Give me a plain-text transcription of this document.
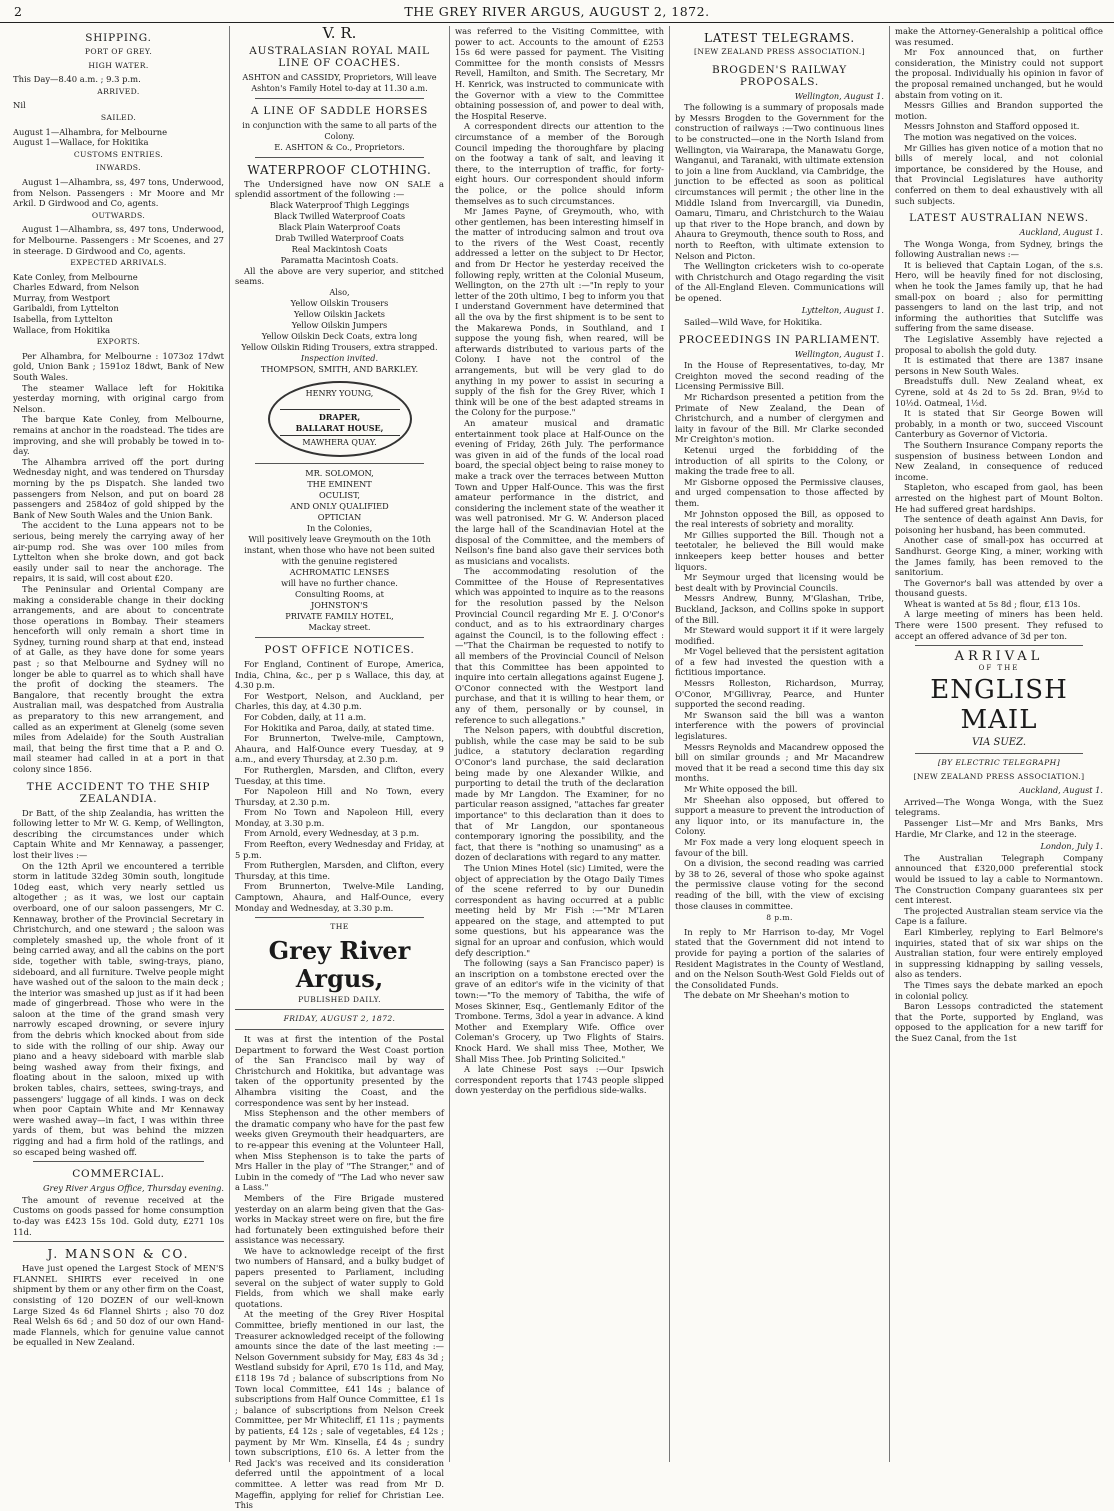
2	THE GREY RIVER ARGUS, AUGUST 2, 1872.
SHIPPING.
PORT OF GREY.
HIGH WATER.

This Day—8.40 a.m. ; 9.3 p.m.

ARRIVED.

Nil

SAILED.

August 1—Alhambra, for Melbourne
August 1—Wallace, for Hokitika

CUSTOMS ENTRIES.
INWARDS.

August 1—Alhambra, ss, 497 tons, Underwood, from Nelson. Passengers : Mr Moore and Mr Arkil. D Girdwood and Co, agents.

OUTWARDS.

August 1—Alhambra, ss, 497 tons, Underwood, for Melbourne. Passengers : Mr Scoenes, and 27 in steerage. D Girdwood and Co, agents.

EXPECTED ARRIVALS.

Kate Conley, from Melbourne
Charles Edward, from Nelson
Murray, from Westport
Garibaldi, from Lyttelton
Isabella, from Lyttelton
Wallace, from Hokitika

EXPORTS.

Per Alhambra, for Melbourne : 1073oz 17dwt gold, Union Bank ; 1591oz 18dwt, Bank of New South Wales.

The steamer Wallace left for Hokitika yesterday morning, with original cargo from Nelson.

The barque Kate Conley, from Melbourne, remains at anchor in the roadstead. The tides are improving, and she will probably be towed in to-day.

The Alhambra arrived off the port during Wednesday night, and was tendered on Thursday morning by the ps Dispatch. She landed two passengers from Nelson, and put on board 28 passengers and 2584oz of gold shipped by the Bank of New South Wales and the Union Bank.

The accident to the Luna appears not to be serious, being merely the carrying away of her air-pump rod. She was over 100 miles from Lyttelton when she broke down, and got back easily under sail to near the anchorage. The repairs, it is said, will cost about £20.

The Peninsular and Oriental Company are making a considerable change in their docking arrangements, and are about to concentrate those operations in Bombay. Their steamers henceforth will only remain a short time in Sydney, turning round sharp at that end, instead of at Galle, as they have done for some years past ; so that Melbourne and Sydney will no longer be able to quarrel as to which shall have the profit of docking the steamers. The Bangalore, that recently brought the extra Australian mail, was despatched from Australia as preparatory to this new arrangement, and called as an experiment at Glenelg (some seven miles from Adelaide) for the South Australian mail, that being the first time that a P. and O. mail steamer had called in at a port in that colony since 1856.

THE ACCIDENT TO THE SHIP ZEALANDIA.

Dr Batt, of the ship Zealandia, has written the following letter to Mr W. G. Kemp, of Wellington, describing the circumstances under which Captain White and Mr Kennaway, a passenger, lost their lives :—

On the 12th April we encountered a terrible storm in latitude 32deg 30min south, longitude 10deg east, which very nearly settled us altogether ; as it was, we lost our captain overboard, one of our saloon passengers, Mr C. Kennaway, brother of the Provincial Secretary in Christchurch, and one steward ; the saloon was completely smashed up, the whole front of it being carried away, and all the cabins on the port side, together with table, swing-trays, piano, sideboard, and all furniture. Twelve people might have washed out of the saloon to the main deck ; the interior was smashed up just as if it had been made of gingerbread. Those who were in the saloon at the time of the grand smash very narrowly escaped drowning, or severe injury from the debris which knocked about from side to side with the rolling of our ship. Away our piano and a heavy sideboard with marble slab being washed away from their fixings, and floating about in the saloon, mixed up with broken tables, chairs, settees, swing-trays, and passengers' luggage of all kinds. I was on deck when poor Captain White and Mr Kennaway were washed away—in fact, I was within three yards of them, but was behind the mizzen rigging and had a firm hold of the ratlings, and so escaped being washed off.

COMMERCIAL.
Grey River Argus Office, Thursday evening.

The amount of revenue received at the Customs on goods passed for home consumption to-day was £423 15s 10d. Gold duty, £271 10s 11d.

J. MANSON & CO.

Have just opened the Largest Stock of MEN'S FLANNEL SHIRTS ever received in one shipment by them or any other firm on the Coast, consisting of 120 DOZEN of our well-known Large Sized 4s 6d Flannel Shirts ; also 70 doz Real Welsh 6s 6d ; and 50 doz of our own Hand-made Flannels, which for genuine value cannot be equalled in New Zealand.

V. R.
AUSTRALASIAN ROYAL MAIL LINE OF COACHES.
ASHTON and CASSIDY, Proprietors, Will leave Ashton's Family Hotel to-day at 11.30 a.m.
A LINE OF SADDLE HORSES
in conjunction with the same to all parts of the Colony.
E. ASHTON & Co., Proprietors.
WATERPROOF CLOTHING.

The Undersigned have now ON SALE a splendid assortment of the following :—

Black Waterproof Thigh Leggings
Black Twilled Waterproof Coats
Black Plain Waterproof Coats
Drab Twilled Waterproof Coats
Real Mackintosh Coats
Paramatta Macintosh Coats.

All the above are very superior, and stitched seams.

Also,
Yellow Oilskin Trousers
Yellow Oilskin Jackets
Yellow Oilskin Jumpers
Yellow Oilskin Deck Coats, extra long
Yellow Oilskin Riding Trousers, extra strapped.
Inspection invited.
THOMPSON, SMITH, AND BARKLEY.
HENRY YOUNG,
DRAPER,
BALLARAT HOUSE,
MAWHERA QUAY.
MR. SOLOMON,
THE EMINENT
OCULIST,
AND ONLY QUALIFIED
OPTICIAN
In the Colonies,
Will positively leave Greymouth on the 10th instant, when those who have not been suited with the genuine registered
ACHROMATIC LENSES
will have no further chance.
Consulting Rooms, at
JOHNSTON'S
PRIVATE FAMILY HOTEL,
Mackay street.
POST OFFICE NOTICES.

For England, Continent of Europe, America, India, China, &c., per p s Wallace, this day, at 4.30 p.m.

For Westport, Nelson, and Auckland, per Charles, this day, at 4.30 p.m.

For Cobden, daily, at 11 a.m.

For Hokitika and Paroa, daily, at stated time.

For Brunnerton, Twelve-mile, Camptown, Ahaura, and Half-Ounce every Tuesday, at 9 a.m., and every Thursday, at 2.30 p.m.

For Rutherglen, Marsden, and Clifton, every Tuesday, at this time.

For Napoleon Hill and No Town, every Thursday, at 2.30 p.m.

From No Town and Napoleon Hill, every Monday, at 3.30 p.m.

From Arnold, every Wednesday, at 3 p.m.

From Reefton, every Wednesday and Friday, at 5 p.m.

From Rutherglen, Marsden, and Clifton, every Thursday, at this time.

From Brunnerton, Twelve-Mile Landing, Camptown, Ahaura, and Half-Ounce, every Monday and Wednesday, at 3.30 p.m.

THE
Grey River Argus,
PUBLISHED DAILY.
FRIDAY, AUGUST 2, 1872.

It was at first the intention of the Postal Department to forward the West Coast portion of the San Francisco mail by way of Christchurch and Hokitika, but advantage was taken of the opportunity presented by the Alhambra visiting the Coast, and the correspondence was sent by her instead.

Miss Stephenson and the other members of the dramatic company who have for the past few weeks given Greymouth their headquarters, are to re-appear this evening at the Volunteer Hall, when Miss Stephenson is to take the parts of Mrs Haller in the play of "The Stranger," and of Lubin in the comedy of "The Lad who never saw a Lass."

Members of the Fire Brigade mustered yesterday on an alarm being given that the Gas-works in Mackay street were on fire, but the fire had fortunately been extinguished before their assistance was necessary.

We have to acknowledge receipt of the first two numbers of Hansard, and a bulky budget of papers presented to Parliament, including several on the subject of water supply to Gold Fields, from which we shall make early quotations.

At the meeting of the Grey River Hospital Committee, briefly mentioned in our last, the Treasurer acknowledged receipt of the following amounts since the date of the last meeting :—Nelson Government subsidy for May, £83 4s 3d ; Westland subsidy for April, £70 1s 11d, and May, £118 19s 7d ; balance of subscriptions from No Town local Committee, £41 14s ; balance of subscriptions from Half Ounce Committee, £1 1s ; balance of subscriptions from Nelson Creek Committee, per Mr Whitecliff, £1 11s ; payments by patients, £4 12s ; sale of vegetables, £4 12s ; payment by Mr Wm. Kinsella, £4 4s ; sundry town subscriptions, £10 6s. A letter from the Red Jack's was received and its consideration deferred until the appointment of a local committee. A letter was read from Mr D. Mageffin, applying for relief for Christian Lee. This

was referred to the Visiting Committee, with power to act. Accounts to the amount of £253 15s 6d were passed for payment. The Visiting Committee for the month consists of Messrs Revell, Hamilton, and Smith. The Secretary, Mr H. Kenrick, was instructed to communicate with the Governor with a view to the Committee obtaining possession of, and power to deal with, the Hospital Reserve.

A correspondent directs our attention to the circumstance of a member of the Borough Council impeding the thoroughfare by placing on the footway a tank of salt, and leaving it there, to the interruption of traffic, for forty-eight hours. Our correspondent should inform the police, or the police should inform themselves as to such circumstances.

Mr James Payne, of Greymouth, who, with other gentlemen, has been interesting himself in the matter of introducing salmon and trout ova to the rivers of the West Coast, recently addressed a letter on the subject to Dr Hector, and from Dr Hector he yesterday received the following reply, written at the Colonial Museum, Wellington, on the 27th ult :—"In reply to your letter of the 20th ultimo, I beg to inform you that I understand Government have determined that all the ova by the first shipment is to be sent to the Makarewa Ponds, in Southland, and I suppose the young fish, when reared, will be afterwards distributed to various parts of the Colony. I have not the control of the arrangements, but will be very glad to do anything in my power to assist in securing a supply of the fish for the Grey River, which I think will be one of the best adapted streams in the Colony for the purpose."

An amateur musical and dramatic entertainment took place at Half-Ounce on the evening of Friday, 26th July. The performance was given in aid of the funds of the local road board, the special object being to raise money to make a track over the terraces between Mutton Town and Upper Half-Ounce. This was the first amateur performance in the district, and considering the inclement state of the weather it was well patronised. Mr G. W. Anderson placed the large hall of the Scandinavian Hotel at the disposal of the Committee, and the members of Neilson's fine band also gave their services both as musicians and vocalists.

The accommodating resolution of the Committee of the House of Representatives which was appointed to inquire as to the reasons for the resolution passed by the Nelson Provincial Council regarding Mr E. J. O'Conor's conduct, and as to his extraordinary charges against the Council, is to the following effect :—"That the Chairman be requested to notify to all members of the Provincial Council of Nelson that this Committee has been appointed to inquire into certain allegations against Eugene J. O'Conor connected with the Westport land purchase, and that it is willing to hear them, or any of them, personally or by counsel, in reference to such allegations."

The Nelson papers, with doubtful discretion, publish, while the case may be said to be sub judice, a statutory declaration regarding O'Conor's land purchase, the said declaration being made by one Alexander Wilkie, and purporting to detail the truth of the declaration made by Mr Langdon. The Examiner, for no particular reason assigned, "attaches far greater importance" to this declaration than it does to that of Mr Langdon, our spontaneous contemporary ignoring the possibility, and the fact, that there is "nothing so unamusing" as a dozen of declarations with regard to any matter.

The Union Mines Hotel (sic) Limited, were the object of appreciation by the Otago Daily Times of the scene referred to by our Dunedin correspondent as having occurred at a public meeting held by Mr Fish :—"Mr M'Laren appeared on the stage, and attempted to put some questions, but his appearance was the signal for an uproar and confusion, which would defy description."

The following (says a San Francisco paper) is an inscription on a tombstone erected over the grave of an editor's wife in the vicinity of that town:—"To the memory of Tabitha, the wife of Moses Skinner, Esq., Gentlemanly Editor of the Trombone. Terms, 3dol a year in advance. A kind Mother and Exemplary Wife. Office over Coleman's Grocery, up Two Flights of Stairs. Knock Hard. We shall miss Thee, Mother, We Shall Miss Thee. Job Printing Solicited."

A late Chinese Post says :—Our Ipswich correspondent reports that 1743 people slipped down yesterday on the perfidious side-walks.

LATEST TELEGRAMS.
[NEW ZEALAND PRESS ASSOCIATION.]
BROGDEN'S RAILWAY PROPOSALS.
Wellington, August 1.

The following is a summary of proposals made by Messrs Brogden to the Government for the construction of railways :—Two continuous lines to be constructed—one in the North Island from Wellington, via Wairarapa, the Manawatu Gorge, Wanganui, and Taranaki, with ultimate extension to join a line from Auckland, via Cambridge, the junction to be effected as soon as political circumstances will permit ; the other line in the Middle Island from Invercargill, via Dunedin, Oamaru, Timaru, and Christchurch to the Waiau up that river to the Hope branch, and down by Ahaura to Greymouth, thence south to Ross, and north to Reefton, with ultimate extension to Nelson and Picton.

The Wellington cricketers wish to co-operate with Christchurch and Otago regarding the visit of the All-England Eleven. Communications will be opened.

Lyttelton, August 1.

Sailed—Wild Wave, for Hokitika.

PROCEEDINGS IN PARLIAMENT.
Wellington, August 1.

In the House of Representatives, to-day, Mr Creighton moved the second reading of the Licensing Permissive Bill.

Mr Richardson presented a petition from the Primate of New Zealand, the Dean of Christchurch, and a number of clergymen and laity in favour of the Bill. Mr Clarke seconded Mr Creighton's motion.

Ketenui urged the forbidding of the introduction of all spirits to the Colony, or making the trade free to all.

Mr Gisborne opposed the Permissive clauses, and urged compensation to those affected by them.

Mr Johnston opposed the Bill, as opposed to the real interests of sobriety and morality.

Mr Gillies supported the Bill. Though not a teetotaler, he believed the Bill would make innkeepers keep better houses and better liquors.

Mr Seymour urged that licensing would be best dealt with by Provincial Councils.

Messrs Andrew, Bunny, M'Glashan, Tribe, Buckland, Jackson, and Collins spoke in support of the Bill.

Mr Steward would support it if it were largely modified.

Mr Vogel believed that the persistent agitation of a few had invested the question with a fictitious importance.

Messrs Rolleston, Richardson, Murray, O'Conor, M'Gillivray, Pearce, and Hunter supported the second reading.

Mr Swanson said the bill was a wanton interference with the powers of provincial legislatures.

Messrs Reynolds and Macandrew opposed the bill on similar grounds ; and Mr Macandrew moved that it be read a second time this day six months.

Mr White opposed the bill.

Mr Sheehan also opposed, but offered to support a measure to prevent the introduction of any liquor into, or its manufacture in, the Colony.

Mr Fox made a very long eloquent speech in favour of the bill.

On a division, the second reading was carried by 38 to 26, several of those who spoke against the permissive clause voting for the second reading of the bill, with the view of excising those clauses in committee.

8 p.m.

In reply to Mr Harrison to-day, Mr Vogel stated that the Government did not intend to provide for paying a portion of the salaries of Resident Magistrates in the County of Westland, and on the Nelson South-West Gold Fields out of the Consolidated Funds.

The debate on Mr Sheehan's motion to

make the Attorney-Generalship a political office was resumed.

Mr Fox announced that, on further consideration, the Ministry could not support the proposal. Individually his opinion in favor of the proposal remained unchanged, but he would abstain from voting on it.

Messrs Gillies and Brandon supported the motion.

Messrs Johnston and Stafford opposed it.

The motion was negatived on the voices.

Mr Gillies has given notice of a motion that no bills of merely local, and not colonial importance, be considered by the House, and that Provincial Legislatures have authority conferred on them to deal exhaustively with all such subjects.

LATEST AUSTRALIAN NEWS.
Auckland, August 1.

The Wonga Wonga, from Sydney, brings the following Australian news :—

It is believed that Captain Logan, of the s.s. Hero, will be heavily fined for not disclosing, when he took the James family up, that he had small-pox on board ; also for permitting passengers to land on the last trip, and not informing the authorities that Sutcliffe was suffering from the same disease.

The Legislative Assembly have rejected a proposal to abolish the gold duty.

It is estimated that there are 1387 insane persons in New South Wales.

Breadstuffs dull. New Zealand wheat, ex Cyrene, sold at 4s 2d to 5s 2d. Bran, 9½d to 10½d. Oatmeal, 1½d.

It is stated that Sir George Bowen will probably, in a month or two, succeed Viscount Canterbury as Governor of Victoria.

The Southern Insurance Company reports the suspension of business between London and New Zealand, in consequence of reduced income.

Stapleton, who escaped from gaol, has been arrested on the highest part of Mount Bolton. He had suffered great hardships.

The sentence of death against Ann Davis, for poisoning her husband, has been commuted.

Another case of small-pox has occurred at Sandhurst. George King, a miner, working with the James family, has been removed to the sanitorium.

The Governor's ball was attended by over a thousand guests.

Wheat is wanted at 5s 8d ; flour, £13 10s.

A large meeting of miners has been held. There were 1500 present. They refused to accept an offered advance of 3d per ton.

ARRIVAL
OF THE
ENGLISH MAIL
VIA SUEZ.
[BY ELECTRIC TELEGRAPH]
[NEW ZEALAND PRESS ASSOCIATION.]
Auckland, August 1.

Arrived—The Wonga Wonga, with the Suez telegrams.

Passenger List—Mr and Mrs Banks, Mrs Hardie, Mr Clarke, and 12 in the steerage.

London, July 1.

The Australian Telegraph Company announced that £320,000 preferential stock would be issued to lay a cable to Normantown. The Construction Company guarantees six per cent interest.

The projected Australian steam service via the Cape is a failure.

Earl Kimberley, replying to Earl Belmore's inquiries, stated that of six war ships on the Australian station, four were entirely employed in suppressing kidnapping by sailing vessels, also as tenders.

The Times says the debate marked an epoch in colonial policy.

Baron Lessops contradicted the statement that the Porte, supported by England, was opposed to the application for a new tariff for the Suez Canal, from the 1st
